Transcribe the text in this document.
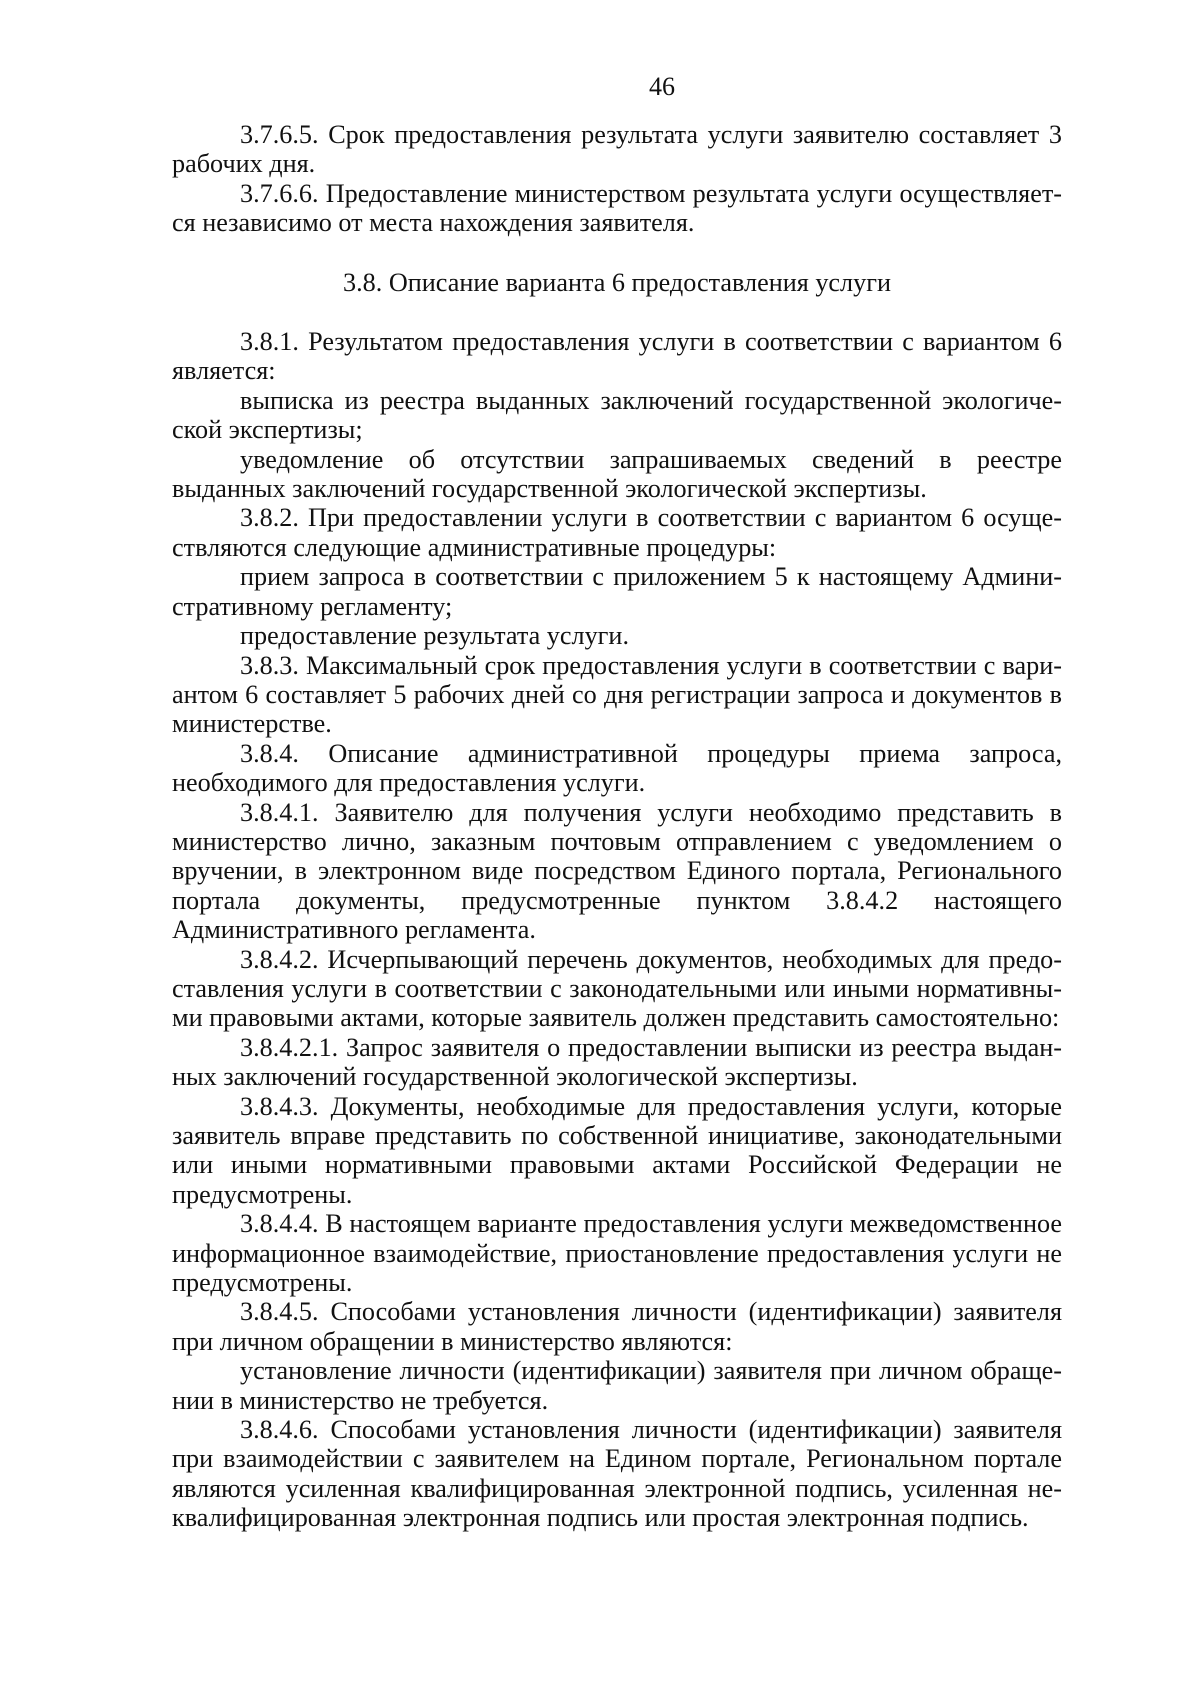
46

3.7.6.5. Срок предоставления результата услуги заявителю составляет 3 рабочих дня.

3.7.6.6. Предоставление министерством результата услуги осуществляется независимо от места нахождения заявителя.

3.8. Описание варианта 6 предоставления услуги

3.8.1. Результатом предоставления услуги в соответствии с вариантом 6 является:

выписка из реестра выданных заключений государственной экологической экспертизы;

уведомление об отсутствии запрашиваемых сведений в реестре выданных заключений государственной экологической экспертизы.

3.8.2. При предоставлении услуги в соответствии с вариантом 6 осуществляются следующие административные процедуры:

прием запроса в соответствии с приложением 5 к настоящему Административному регламенту;

предоставление результата услуги.

3.8.3. Максимальный срок предоставления услуги в соответствии с вариантом 6 составляет 5 рабочих дней со дня регистрации запроса и документов в министерстве.

3.8.4. Описание административной процедуры приема запроса, необходимого для предоставления услуги.

3.8.4.1. Заявителю для получения услуги необходимо представить в министерство лично, заказным почтовым отправлением с уведомлением о вручении, в электронном виде посредством Единого портала, Регионального портала документы, предусмотренные пунктом 3.8.4.2 настоящего Административного регламента.

3.8.4.2. Исчерпывающий перечень документов, необходимых для предоставления услуги в соответствии с законодательными или иными нормативными правовыми актами, которые заявитель должен представить самостоятельно:

3.8.4.2.1. Запрос заявителя о предоставлении выписки из реестра выданных заключений государственной экологической экспертизы.

3.8.4.3. Документы, необходимые для предоставления услуги, которые заявитель вправе представить по собственной инициативе, законодательными или иными нормативными правовыми актами Российской Федерации не предусмотрены.

3.8.4.4. В настоящем варианте предоставления услуги межведомственное информационное взаимодействие, приостановление предоставления услуги не предусмотрены.

3.8.4.5. Способами установления личности (идентификации) заявителя при личном обращении в министерство являются:

установление личности (идентификации) заявителя при личном обращении в министерство не требуется.

3.8.4.6. Способами установления личности (идентификации) заявителя при взаимодействии с заявителем на Едином портале, Региональном портале являются усиленная квалифицированная электронной подпись, усиленная неквалифицированная электронная подпись или простая электронная подпись.
